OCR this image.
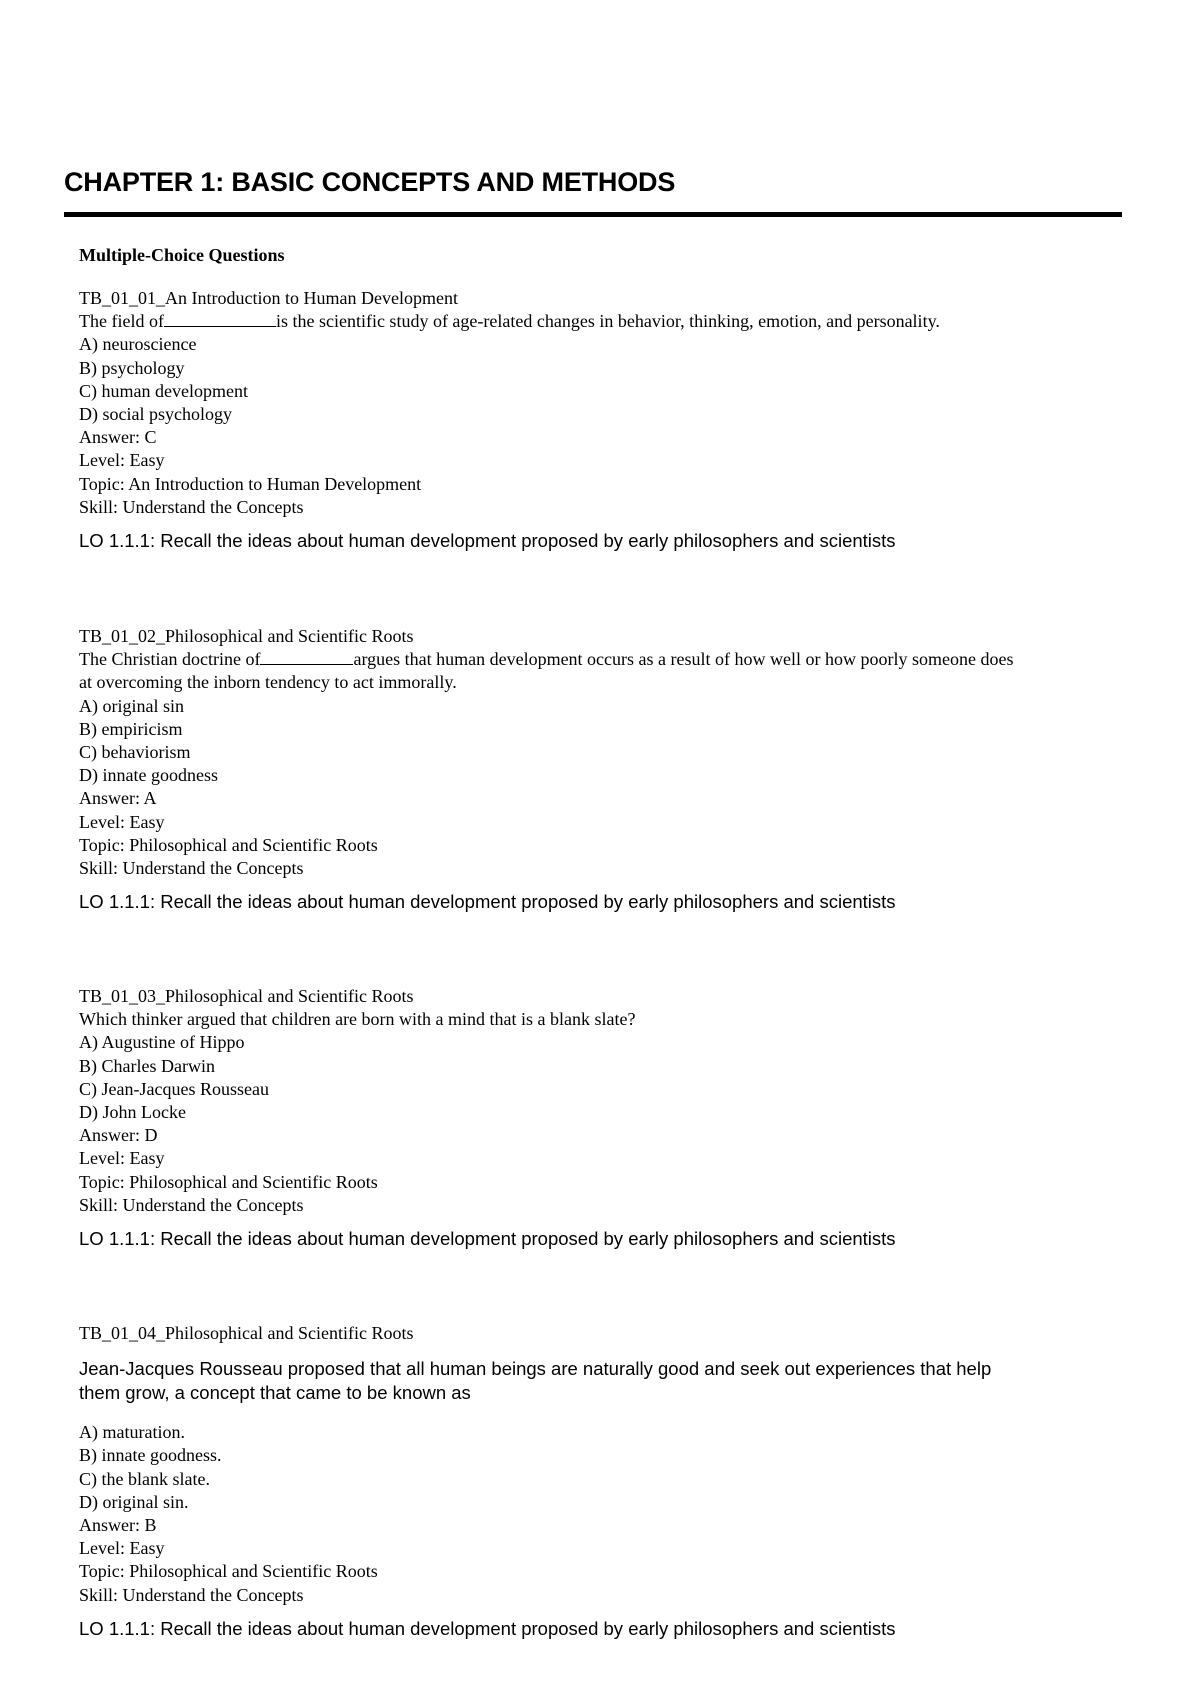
CHAPTER 1: BASIC CONCEPTS AND METHODS
Multiple-Choice Questions
TB_01_01_An Introduction to Human Development
The field of	is the scientific study of age-related changes in behavior, thinking, emotion, and personality.
A) neuroscience
B) psychology
C) human development
D) social psychology
Answer: C
Level: Easy
Topic: An Introduction to Human Development
Skill: Understand the Concepts
LO 1.1.1: Recall the ideas about human development proposed by early philosophers and scientists
TB_01_02_Philosophical and Scientific Roots
The Christian doctrine of	argues that human development occurs as a result of how well or how poorly someone does
at overcoming the inborn tendency to act immorally.
A) original sin
B) empiricism
C) behaviorism
D) innate goodness
Answer: A
Level: Easy
Topic: Philosophical and Scientific Roots
Skill: Understand the Concepts
LO 1.1.1: Recall the ideas about human development proposed by early philosophers and scientists
TB_01_03_Philosophical and Scientific Roots
Which thinker argued that children are born with a mind that is a blank slate?
A) Augustine of Hippo
B) Charles Darwin
C) Jean-Jacques Rousseau
D) John Locke
Answer: D
Level: Easy
Topic: Philosophical and Scientific Roots
Skill: Understand the Concepts
LO 1.1.1: Recall the ideas about human development proposed by early philosophers and scientists
TB_01_04_Philosophical and Scientific Roots
Jean-Jacques Rousseau proposed that all human beings are naturally good and seek out experiences that help
them grow, a concept that came to be known as
A) maturation.
B) innate goodness.
C) the blank slate.
D) original sin.
Answer: B
Level: Easy
Topic: Philosophical and Scientific Roots
Skill: Understand the Concepts
LO 1.1.1: Recall the ideas about human development proposed by early philosophers and scientists
